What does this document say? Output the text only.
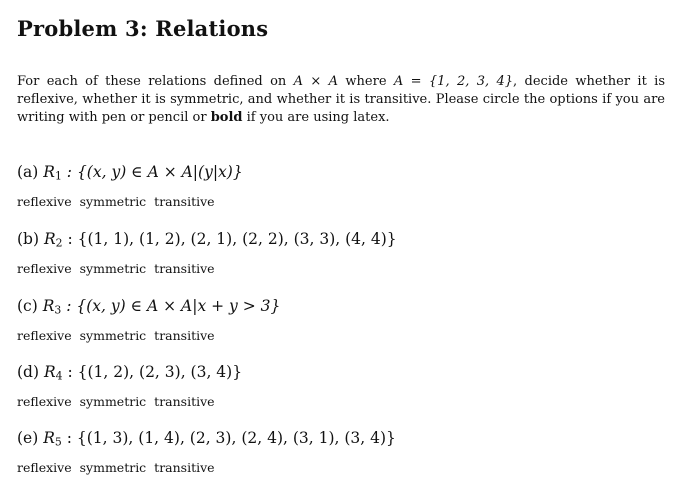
Problem 3: Relations
For each of these relations defined on A × A where A = {1, 2, 3, 4}, decide whether it is reflexive, whether it is symmetric, and whether it is transitive. Please circle the options if you are writing with pen or pencil or bold if you are using latex.
(a) $R_1$ : {(x, y) ∈ A × A|(y|x)}
reflexive symmetric transitive
(b) $R_2$ : {(1, 1), (1, 2), (2, 1), (2, 2), (3, 3), (4, 4)}
reflexive symmetric transitive
(c) $R_3$ : {(x, y) ∈ A × A|x + y > 3}
reflexive symmetric transitive
(d) $R_4$ : {(1, 2), (2, 3), (3, 4)}
reflexive symmetric transitive
(e) $R_5$ : {(1, 3), (1, 4), (2, 3), (2, 4), (3, 1), (3, 4)}
reflexive symmetric transitive
